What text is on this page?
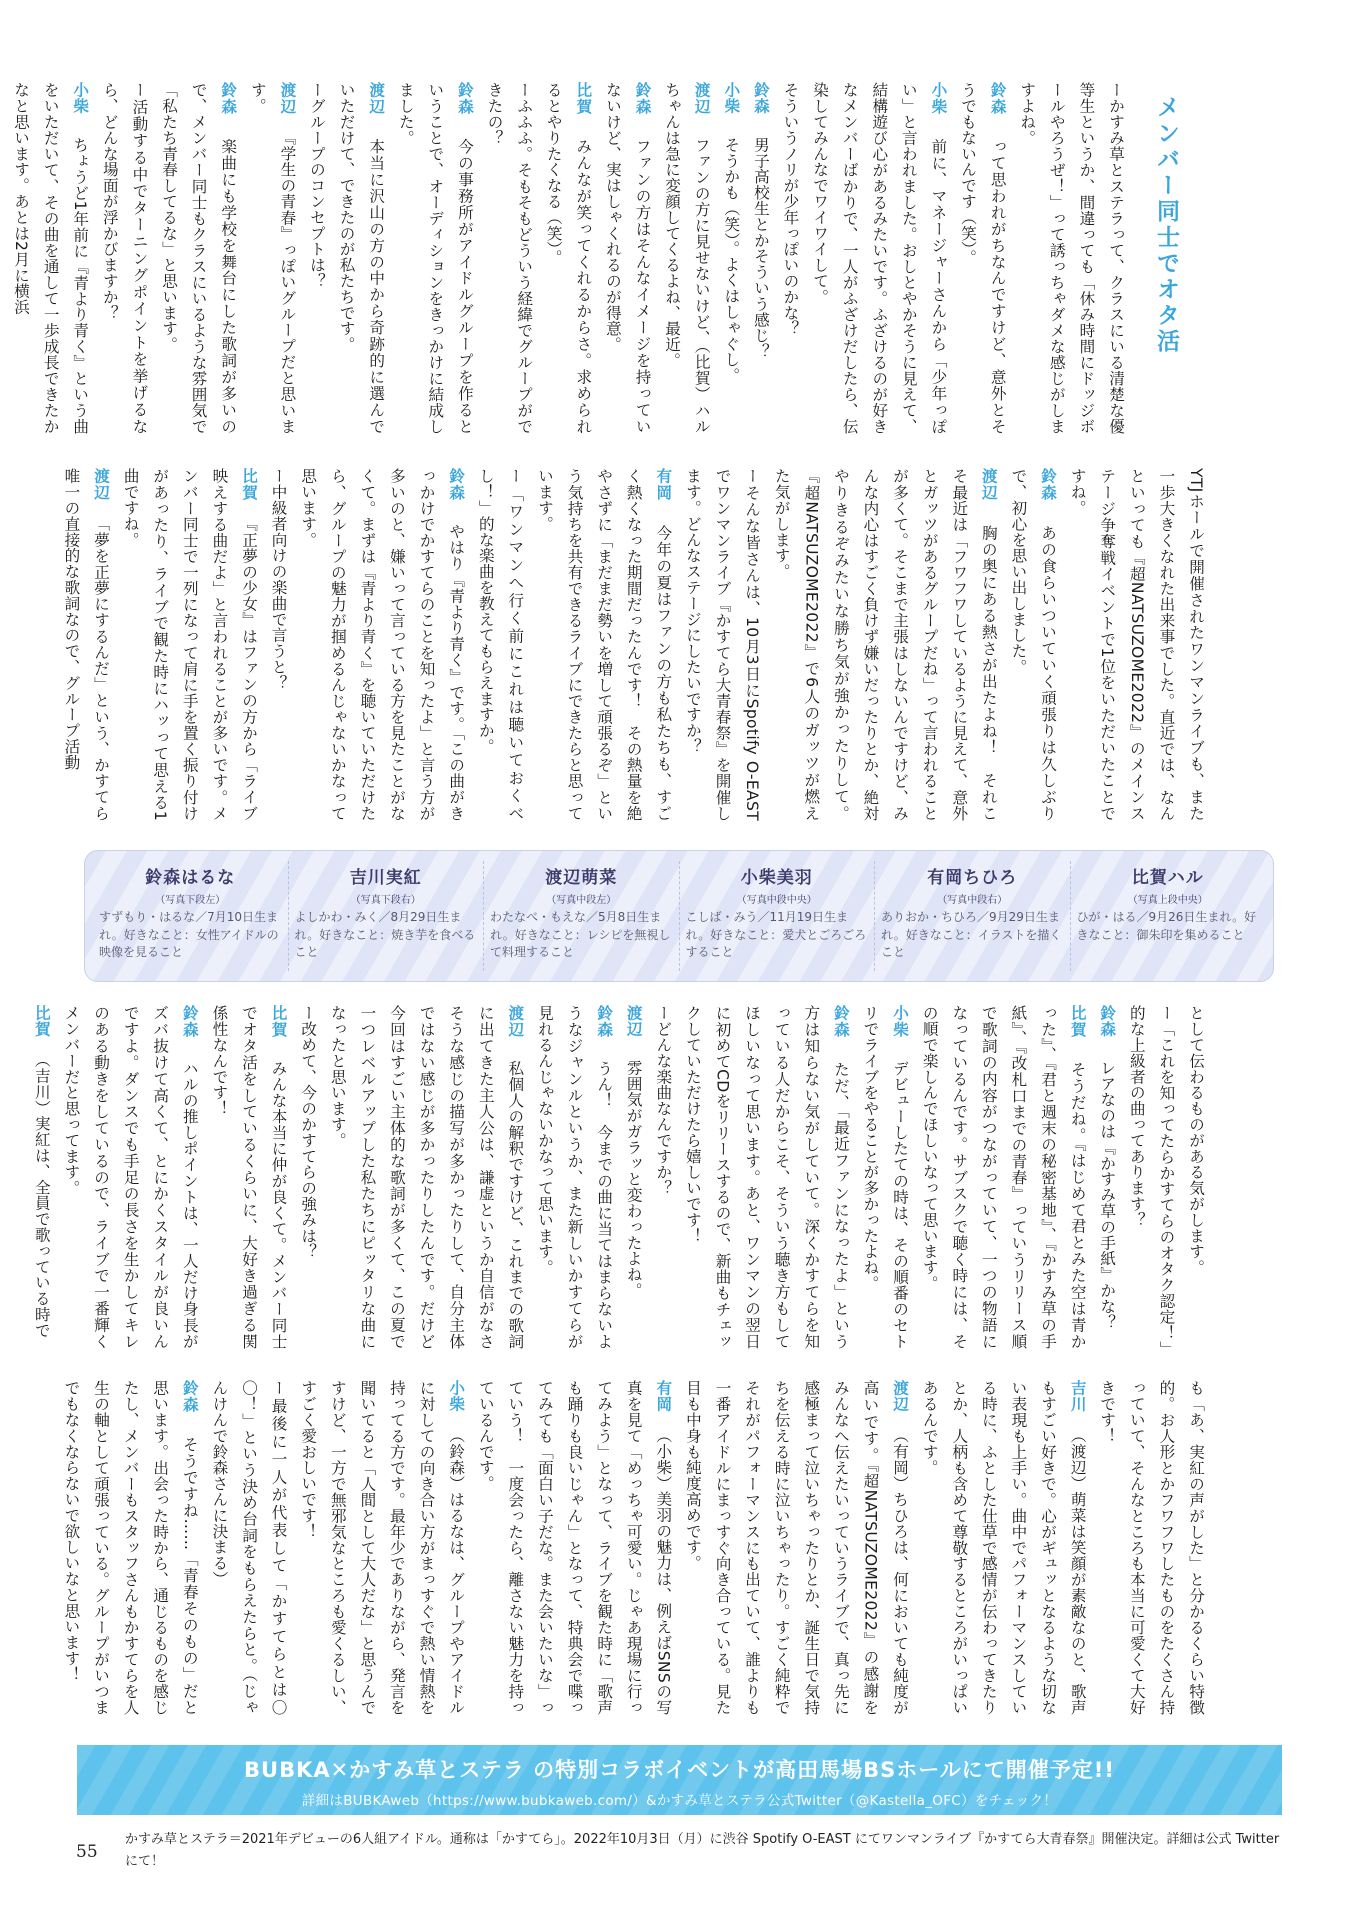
メンバー同士でオタ活
ーかすみ草とステラって、クラスにいる清楚な優等生というか、間違っても「休み時間にドッジボールやろうぜ！」って誘っちゃダメな感じがしますよね。
鈴森　って思われがちなんですけど、意外とそうでもないんです（笑）。
小柴　前に、マネージャーさんから「少年っぽい」と言われました。おしとやかそうに見えて、結構遊び心があるみたいです。ふざけるのが好きなメンバーばかりで、一人がふざけだしたら、伝染してみんなでワイワイして。
そういうノリが少年っぽいのかな？
鈴森　男子高校生とかそういう感じ？
小柴　そうかも（笑）。よくはしゃぐし。
渡辺　ファンの方に見せないけど、（比賀）ハルちゃんは急に変顔してくるよね、最近。
鈴森　ファンの方はそんなイメージを持っていないけど、実はしゃくれるのが得意。
比賀　みんなが笑ってくれるからさ。求められるとやりたくなる（笑）。
ーふふふ。そもそもどういう経緯でグループができたの？
鈴森　今の事務所がアイドルグループを作るということで、オーディションをきっかけに結成しました。
渡辺　本当に沢山の方の中から奇跡的に選んでいただけて、できたのが私たちです。
ーグループのコンセプトは？
渡辺　『学生の青春』っぽいグループだと思います。
鈴森　楽曲にも学校を舞台にした歌詞が多いので、メンバー同士もクラスにいるような雰囲気で「私たち青春してるな」と思います。
ー活動する中でターニングポイントを挙げるなら、どんな場面が浮かびますか？
小柴　ちょうど1年前に『青より青く』という曲をいただいて、その曲を通して一歩成長できたかなと思います。あとは2月に横浜
YTJホールで開催されたワンマンライブも、また一歩大きくなれた出来事でした。直近では、なんといっても『超NATSUZOME2022』のメインステージ争奪戦イベントで1位をいただいたことですね。
鈴森　あの食らいついていく頑張りは久しぶりで、初心を思い出しました。
渡辺　胸の奥にある熱さが出たよね！　それこそ最近は「フワフワしているように見えて、意外とガッツがあるグループだね」って言われることが多くて。そこまで主張はしないんですけど、みんな内心はすごく負けず嫌いだったりとか、絶対やりきるぞみたいな勝ち気が強かったりして。『超NATSUZOME2022』で6人のガッツが燃えた気がします。
ーそんな皆さんは、10月3日にSpotify O-EASTでワンマンライブ『かすてら大青春祭』を開催します。どんなステージにしたいですか？
有岡　今年の夏はファンの方も私たちも、すごく熱くなった期間だったんです！　その熱量を絶やさずに「まだまだ勢いを増して頑張るぞ」という気持ちを共有できるライブにできたらと思っています。
ー「ワンマンへ行く前にこれは聴いておくべし！」的な楽曲を教えてもらえますか。
鈴森　やはり『青より青く』です。「この曲がきっかけでかすてらのことを知ったよ」と言う方が多いのと、嫌いって言っている方を見たことがなくて。まずは『青より青く』を聴いていただけたら、グループの魅力が掴めるんじゃないかなって思います。
ー中級者向けの楽曲で言うと？
比賀　『正夢の少女』はファンの方から「ライブ映えする曲だよ」と言われることが多いです。メンバー同士で一列になって肩に手を置く振り付けがあったり、ライブで観た時にハッって思える1曲ですね。
渡辺　「夢を正夢にするんだ」という、かすてら唯一の直接的な歌詞なので、グループ活動
鈴森はるな
（写真下段左）
すずもり・はるな／7月10日生まれ。好きなこと：女性アイドルの映像を見ること
吉川実紅
（写真下段右）
よしかわ・みく／8月29日生まれ。好きなこと：焼き芋を食べること
渡辺萌菜
（写真中段左）
わたなべ・もえな／5月8日生まれ。好きなこと：レシピを無視して料理すること
小柴美羽
（写真中段中央）
こしば・みう／11月19日生まれ。好きなこと：愛犬とごろごろすること
有岡ちひろ
（写真中段右）
ありおか・ちひろ／9月29日生まれ。好きなこと：イラストを描くこと
比賀ハル
（写真上段中央）
ひが・はる／9月26日生まれ。好きなこと：御朱印を集めること
として伝わるものがある気がします。
ー「これを知ってたらかすてらのオタク認定！」的な上級者の曲ってあります？
鈴森　レアなのは『かすみ草の手紙』かな？
比賀　そうだね。『はじめて君とみた空は青かった』、『君と週末の秘密基地』、『かすみ草の手紙』、『改札口までの青春』っていうリリース順で歌詞の内容がつながっていて、一つの物語になっているんです。サブスクで聴く時には、その順で楽しんでほしいなって思います。
小柴　デビューしたての時は、その順番のセトリでライブをやることが多かったよね。
鈴森　ただ、「最近ファンになったよ」という方は知らない気がしていて。深くかすてらを知っている人だからこそ、そういう聴き方もしてほしいなって思います。あと、ワンマンの翌日に初めてCDをリリースするので、新曲もチェックしていただけたら嬉しいです！
ーどんな楽曲なんですか？
渡辺　雰囲気がガラッと変わったよね。
鈴森　うん！　今までの曲に当てはまらないようなジャンルというか、また新しいかすてらが見れるんじゃないかなって思います。
渡辺　私個人の解釈ですけど、これまでの歌詞に出てきた主人公は、謙虚というか自信がなさそうな感じの描写が多かったりして、自分主体ではない感じが多かったりしたんです。だけど今回はすごい主体的な歌詞が多くて、この夏で一つレベルアップした私たちにピッタリな曲になったと思います。
ー改めて、今のかすてらの強みは？
比賀　みんな本当に仲が良くて。メンバー同士でオタ活をしているくらいに、大好き過ぎる関係性なんです！
鈴森　ハルの推しポイントは、一人だけ身長がズバ抜けて高くて、とにかくスタイルが良いんですよ。ダンスでも手足の長さを生かしてキレのある動きをしているので、ライブで一番輝くメンバーだと思ってます。
比賀　（吉川）実紅は、全員で歌っている時で
も「あ、実紅の声がした」と分かるくらい特徴的。お人形とかフワフワしたものをたくさん持っていて、そんなところも本当に可愛くて大好きです！
吉川　（渡辺）萌菜は笑顔が素敵なのと、歌声もすごい好きで。心がギュッとなるような切ない表現も上手い。曲中でパフォーマンスしている時に、ふとした仕草で感情が伝わってきたりとか、人柄も含めて尊敬するところがいっぱいあるんです。
渡辺　（有岡）ちひろは、何においても純度が高いです。『超NATSUZOME2022』の感謝をみんなへ伝えたいっていうライブで、真っ先に感極まって泣いちゃったりとか、誕生日で気持ちを伝える時に泣いちゃったり。すごく純粋でそれがパフォーマンスにも出ていて、誰よりも一番アイドルにまっすぐ向き合っている。見た目も中身も純度高めです。
有岡　（小柴）美羽の魅力は、例えばSNSの写真を見て「めっちゃ可愛い。じゃあ現場に行ってみよう」となって、ライブを観た時に「歌声も踊りも良いじゃん」となって、特典会で喋ってみても「面白い子だな。また会いたいな」っていう！　一度会ったら、離さない魅力を持っているんです。
小柴　（鈴森）はるなは、グループやアイドルに対しての向き合い方がまっすぐで熱い情熱を持ってる方です。最年少でありながら、発言を聞いてると「人間として大人だな」と思うんですけど、一方で無邪気なところも愛くるしい、すごく愛おしいです！
ー最後に一人が代表して「かすてらとは〇〇！」という決め台詞をもらえたらと。（じゃんけんで鈴森さんに決まる）
鈴森　そうですね……「青春そのもの」だと思います。出会った時から、通じるものを感じたし、メンバーもスタッフさんもかすてらを人生の軸として頑張っている。グループがいつまでもなくならないで欲しいなと思います！
BUBKA✕かすみ草とステラ の特別コラボイベントが高田馬場BSホールにて開催予定!!
詳細はBUBKAweb（https://www.bubkaweb.com/）&かすみ草とステラ公式Twitter（@Kastella_OFC）をチェック！
55
かすみ草とステラ＝2021年デビューの6人組アイドル。通称は「かすてら」。2022年10月3日（月）に渋谷 Spotify O-EAST にてワンマンライブ『かすてら大青春祭』開催決定。詳細は公式 Twitter にて！
